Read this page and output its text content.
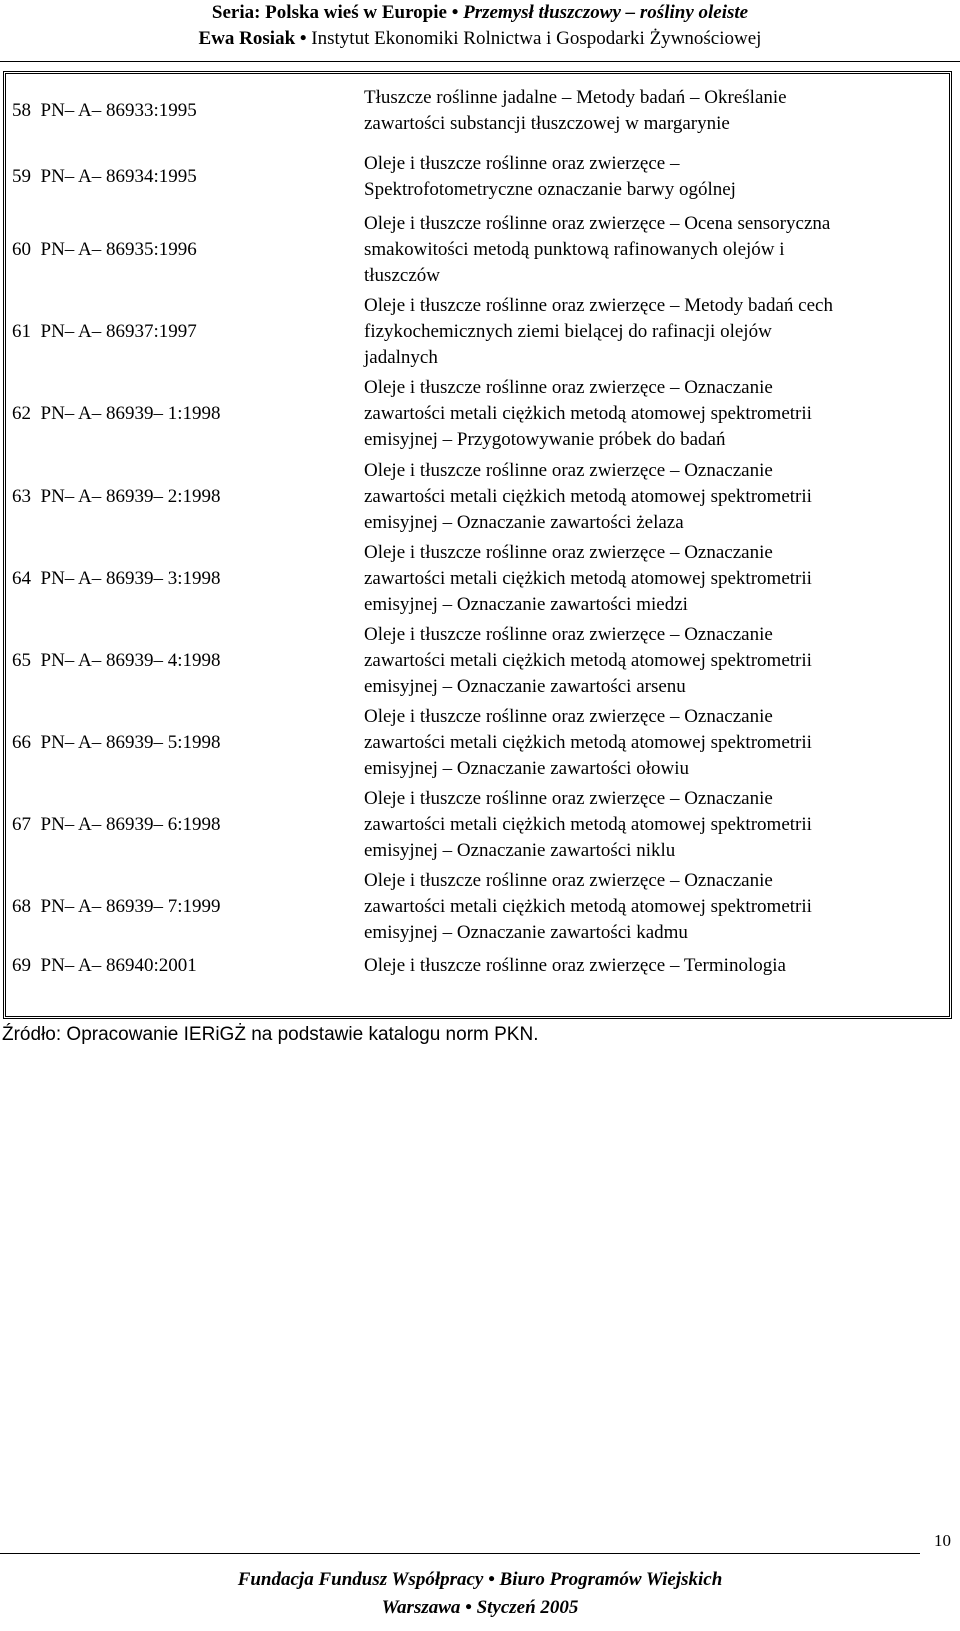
Seria: Polska wieś w Europie • Przemysł tłuszczowy – rośliny oleiste
Ewa Rosiak • Instytut Ekonomiki Rolnictwa i Gospodarki Żywnościowej
58 PN– A– 86933:1995
Tłuszcze roślinne jadalne – Metody badań – Określanie
zawartości substancji tłuszczowej w margarynie
59 PN– A– 86934:1995
Oleje i tłuszcze roślinne oraz zwierzęce –
Spektrofotometryczne oznaczanie barwy ogólnej
60 PN– A– 86935:1996
Oleje i tłuszcze roślinne oraz zwierzęce – Ocena sensoryczna
smakowitości metodą punktową rafinowanych olejów i
tłuszczów
61 PN– A– 86937:1997
Oleje i tłuszcze roślinne oraz zwierzęce – Metody badań cech
fizykochemicznych ziemi bielącej do rafinacji olejów
jadalnych
62 PN– A– 86939– 1:1998
Oleje i tłuszcze roślinne oraz zwierzęce – Oznaczanie
zawartości metali ciężkich metodą atomowej spektrometrii
emisyjnej – Przygotowywanie próbek do badań
63 PN– A– 86939– 2:1998
Oleje i tłuszcze roślinne oraz zwierzęce – Oznaczanie
zawartości metali ciężkich metodą atomowej spektrometrii
emisyjnej – Oznaczanie zawartości żelaza
64 PN– A– 86939– 3:1998
Oleje i tłuszcze roślinne oraz zwierzęce – Oznaczanie
zawartości metali ciężkich metodą atomowej spektrometrii
emisyjnej – Oznaczanie zawartości miedzi
65 PN– A– 86939– 4:1998
Oleje i tłuszcze roślinne oraz zwierzęce – Oznaczanie
zawartości metali ciężkich metodą atomowej spektrometrii
emisyjnej – Oznaczanie zawartości arsenu
66 PN– A– 86939– 5:1998
Oleje i tłuszcze roślinne oraz zwierzęce – Oznaczanie
zawartości metali ciężkich metodą atomowej spektrometrii
emisyjnej – Oznaczanie zawartości ołowiu
67 PN– A– 86939– 6:1998
Oleje i tłuszcze roślinne oraz zwierzęce – Oznaczanie
zawartości metali ciężkich metodą atomowej spektrometrii
emisyjnej – Oznaczanie zawartości niklu
68 PN– A– 86939– 7:1999
Oleje i tłuszcze roślinne oraz zwierzęce – Oznaczanie
zawartości metali ciężkich metodą atomowej spektrometrii
emisyjnej – Oznaczanie zawartości kadmu
69 PN– A– 86940:2001	Oleje i tłuszcze roślinne oraz zwierzęce – Terminologia
Źródło: Opracowanie IERiGŻ na podstawie katalogu norm PKN.
10
Fundacja Fundusz Współpracy • Biuro Programów Wiejskich
Warszawa • Styczeń 2005
